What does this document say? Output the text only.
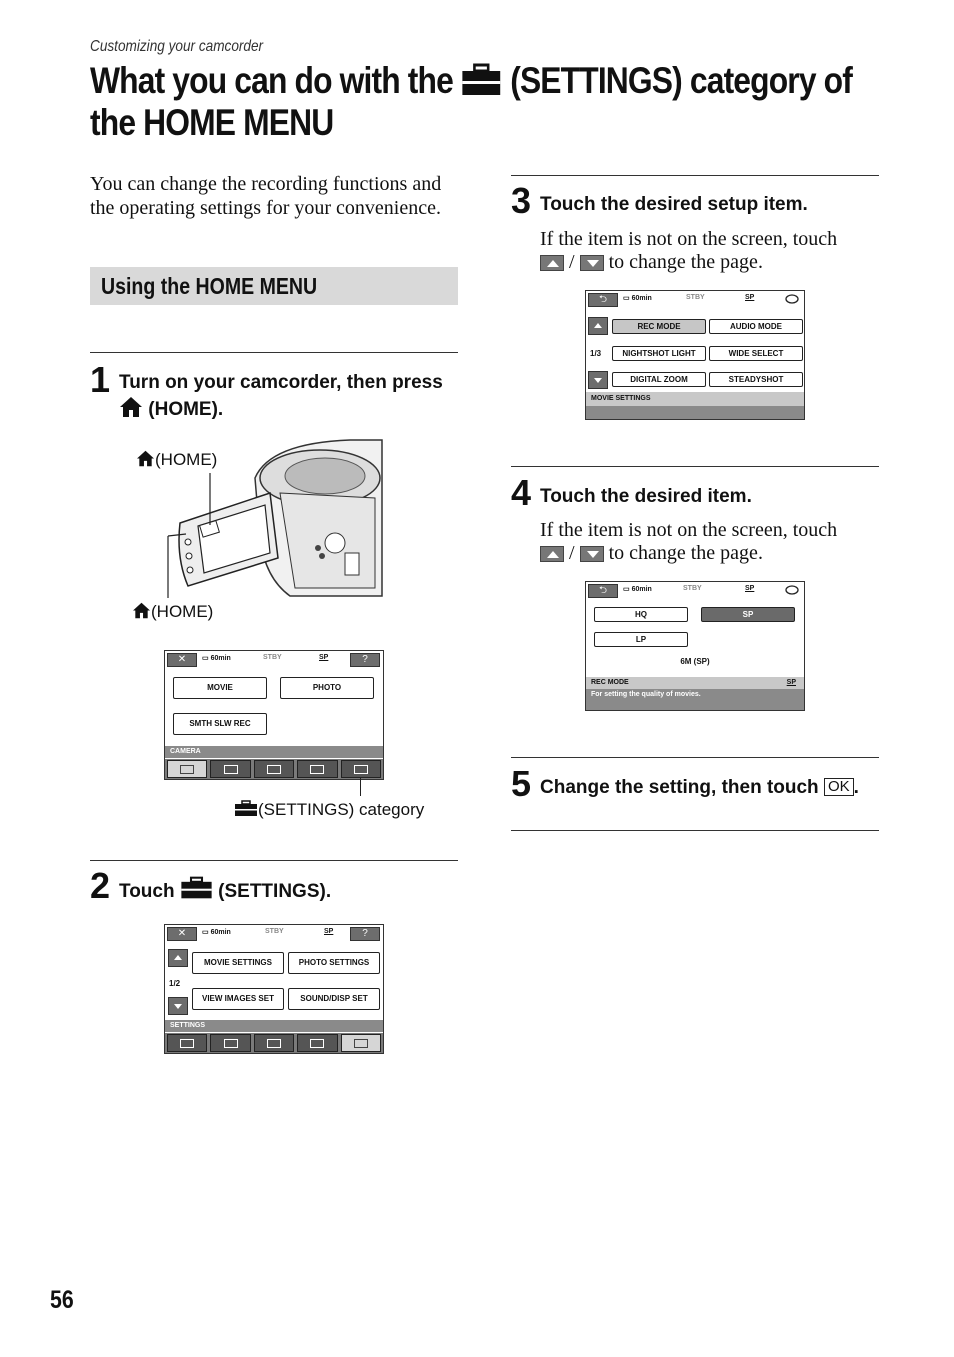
Customizing your camcorder
What you can do with the (SETTINGS) category of
the HOME MENU
You can change the recording functions and the operating settings for your convenience.
Using the HOME MENU
1 Turn on your camcorder, then press
(HOME).
(HOME)
(HOME)
✕	▭ 60min	STBY	SP	?
MOVIE	PHOTO
SMTH SLW REC
CAMERA
(SETTINGS) category
2 Touch (SETTINGS).
✕	▭ 60min	STBY	SP	?
1/2
MOVIE SETTINGS	PHOTO SETTINGS
VIEW IMAGES SET	SOUND/DISP SET
SETTINGS
3 Touch the desired setup item.
If the item is not on the screen, touch
/ to change the page.
⮌	▭ 60min	STBY	SP
1/3
REC MODE	AUDIO MODE
NIGHTSHOT LIGHT	WIDE SELECT
DIGITAL ZOOM	STEADYSHOT
MOVIE SETTINGS
4 Touch the desired item.
If the item is not on the screen, touch
/ to change the page.
⮌	▭ 60min	STBY	SP
HQ	SP
LP
6M (SP)
REC MODE	SP
For setting the quality of movies.
5 Change the setting, then touch OK .
56
